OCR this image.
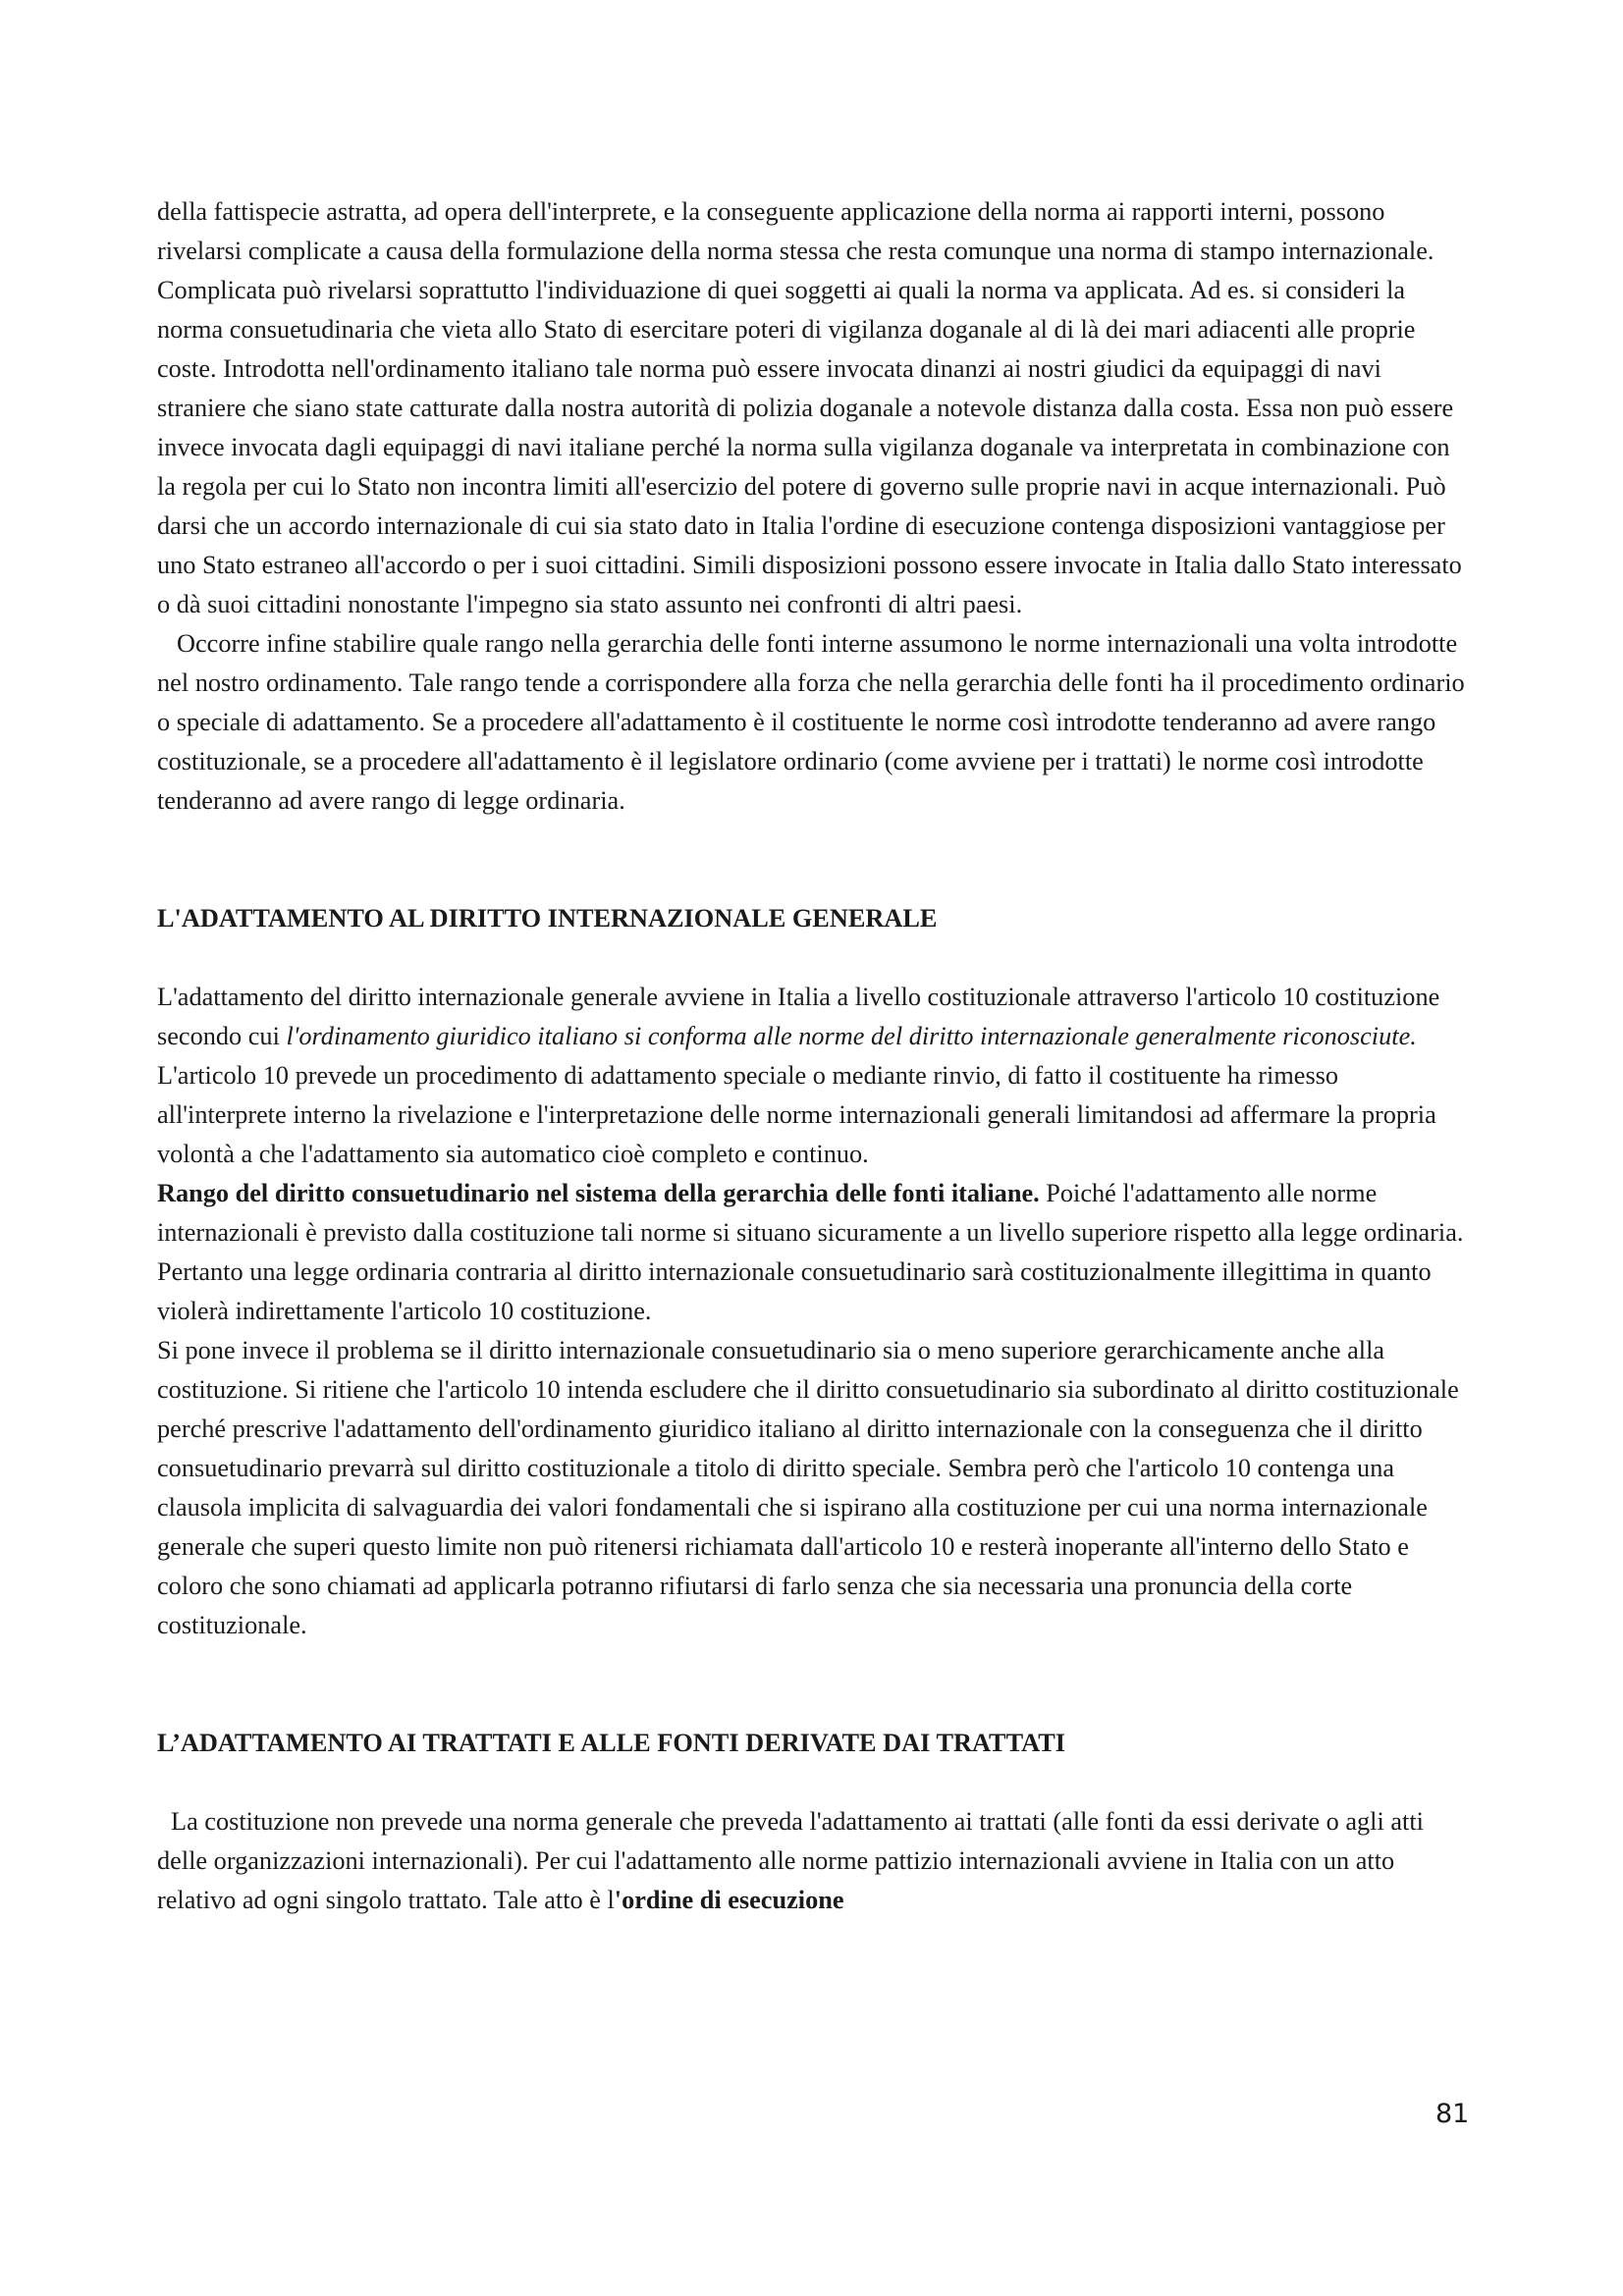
della fattispecie astratta, ad opera dell'interprete, e la conseguente applicazione della norma ai rapporti interni, possono rivelarsi complicate a causa della formulazione della norma stessa che resta comunque una norma di stampo internazionale.

Complicata può rivelarsi soprattutto l'individuazione di quei soggetti ai quali la norma va applicata. Ad es. si consideri la norma consuetudinaria che vieta allo Stato di esercitare poteri di vigilanza doganale al di là dei mari adiacenti alle proprie coste. Introdotta nell'ordinamento italiano tale norma può essere invocata dinanzi ai nostri giudici da equipaggi di navi straniere che siano state catturate dalla nostra autorità di polizia doganale a notevole distanza dalla costa. Essa non può essere invece invocata dagli equipaggi di navi italiane perché la norma sulla vigilanza doganale va interpretata in combinazione con la regola per cui lo Stato non incontra limiti all'esercizio del potere di governo sulle proprie navi in acque internazionali. Può darsi che un accordo internazionale di cui sia stato dato in Italia l'ordine di esecuzione contenga disposizioni vantaggiose per uno Stato estraneo all'accordo o per i suoi cittadini. Simili disposizioni possono essere invocate in Italia dallo Stato interessato o dà suoi cittadini nonostante l'impegno sia stato assunto nei confronti di altri paesi.

Occorre infine stabilire quale rango nella gerarchia delle fonti interne assumono le norme internazionali una volta introdotte nel nostro ordinamento. Tale rango tende a corrispondere alla forza che nella gerarchia delle fonti ha il procedimento ordinario o speciale di adattamento. Se a procedere all'adattamento è il costituente le norme così introdotte tenderanno ad avere rango costituzionale, se a procedere all'adattamento è il legislatore ordinario (come avviene per i trattati) le norme così introdotte tenderanno ad avere rango di legge ordinaria.

L'ADATTAMENTO AL DIRITTO INTERNAZIONALE GENERALE

L'adattamento del diritto internazionale generale avviene in Italia a livello costituzionale attraverso l'articolo 10 costituzione secondo cui l'ordinamento giuridico italiano si conforma alle norme del diritto internazionale generalmente riconosciute. L'articolo 10 prevede un procedimento di adattamento speciale o mediante rinvio, di fatto il costituente ha rimesso all'interprete interno la rivelazione e l'interpretazione delle norme internazionali generali limitandosi ad affermare la propria volontà a che l'adattamento sia automatico cioè completo e continuo.

Rango del diritto consuetudinario nel sistema della gerarchia delle fonti italiane. Poiché l'adattamento alle norme internazionali è previsto dalla costituzione tali norme si situano sicuramente a un livello superiore rispetto alla legge ordinaria. Pertanto una legge ordinaria contraria al diritto internazionale consuetudinario sarà costituzionalmente illegittima in quanto violerà indirettamente l'articolo 10 costituzione.

Si pone invece il problema se il diritto internazionale consuetudinario sia o meno superiore gerarchicamente anche alla costituzione. Si ritiene che l'articolo 10 intenda escludere che il diritto consuetudinario sia subordinato al diritto costituzionale perché prescrive l'adattamento dell'ordinamento giuridico italiano al diritto internazionale con la conseguenza che il diritto consuetudinario prevarrà sul diritto costituzionale a titolo di diritto speciale. Sembra però che l'articolo 10 contenga una clausola implicita di salvaguardia dei valori fondamentali che si ispirano alla costituzione per cui una norma internazionale generale che superi questo limite non può ritenersi richiamata dall'articolo 10 e resterà inoperante all'interno dello Stato e coloro che sono chiamati ad applicarla potranno rifiutarsi di farlo senza che sia necessaria una pronuncia della corte costituzionale.

L’ADATTAMENTO AI TRATTATI E ALLE FONTI DERIVATE DAI TRATTATI

La costituzione non prevede una norma generale che preveda l'adattamento ai trattati (alle fonti da essi derivate o agli atti delle organizzazioni internazionali). Per cui l'adattamento alle norme pattizio internazionali avviene in Italia con un atto relativo ad ogni singolo trattato. Tale atto è l'ordine di esecuzione

81
